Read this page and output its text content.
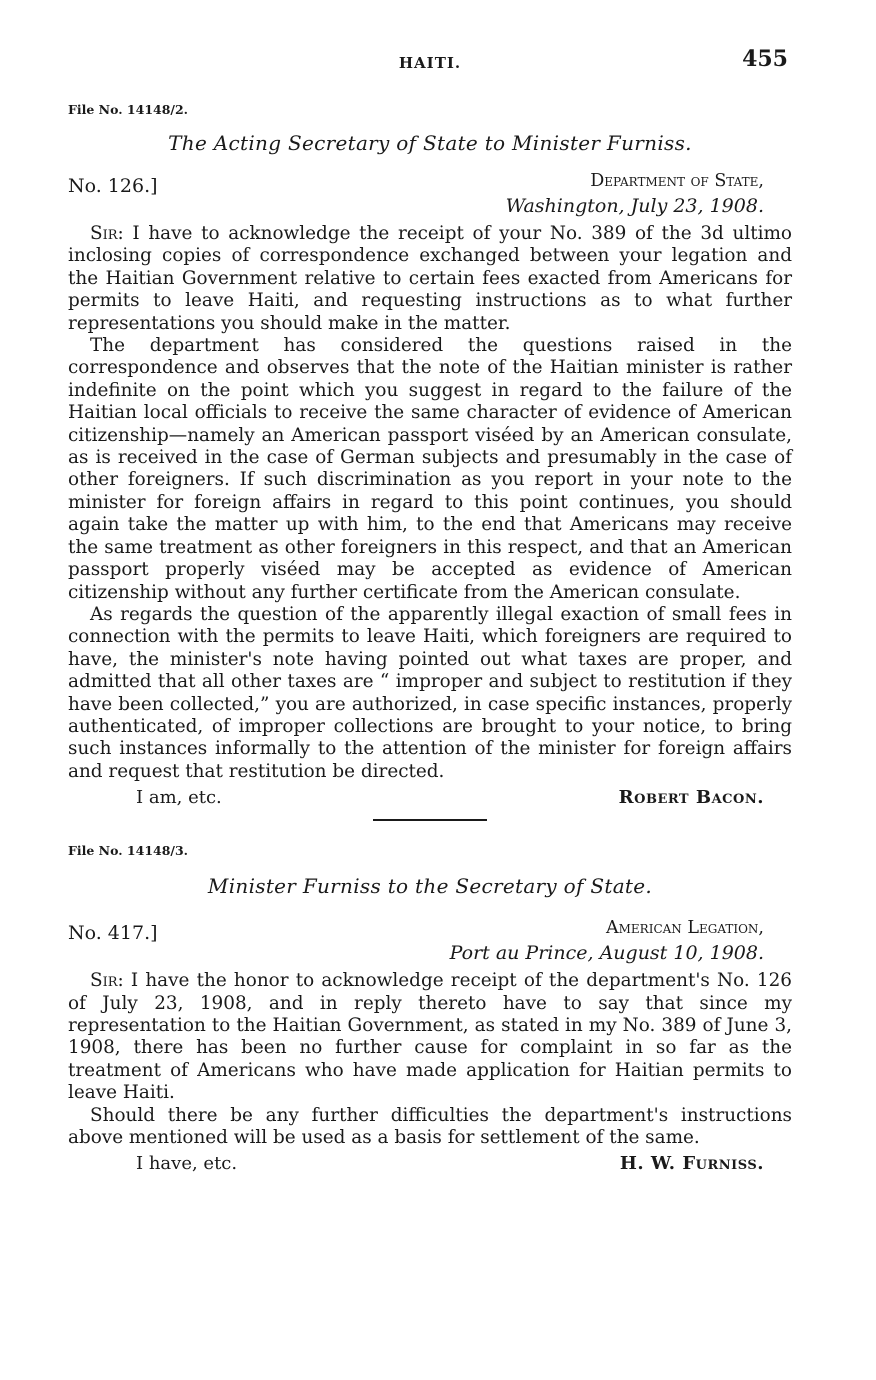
HAITI.	455
File No. 14148/2.
The Acting Secretary of State to Minister Furniss.
No. 126.]	Department of State,
Washington, July 23, 1908.

Sir: I have to acknowledge the receipt of your No. 389 of the 3d ultimo inclosing copies of correspondence exchanged between your legation and the Haitian Government relative to certain fees exacted from Americans for permits to leave Haiti, and requesting instructions as to what further representations you should make in the matter.

The department has considered the questions raised in the correspondence and observes that the note of the Haitian minister is rather indefinite on the point which you suggest in regard to the failure of the Haitian local officials to receive the same character of evidence of American citizenship—namely an American passport viséed by an American consulate, as is received in the case of German subjects and presumably in the case of other foreigners. If such discrimination as you report in your note to the minister for foreign affairs in regard to this point continues, you should again take the matter up with him, to the end that Americans may receive the same treatment as other foreigners in this respect, and that an American passport properly viséed may be accepted as evidence of American citizenship without any further certificate from the American consulate.

As regards the question of the apparently illegal exaction of small fees in connection with the permits to leave Haiti, which foreigners are required to have, the minister's note having pointed out what taxes are proper, and admitted that all other taxes are “ improper and subject to restitution if they have been collected,” you are authorized, in case specific instances, properly authenticated, of improper collections are brought to your notice, to bring such instances informally to the attention of the minister for foreign affairs and request that restitution be directed.

I am, etc.	Robert Bacon.
File No. 14148/3.
Minister Furniss to the Secretary of State.
No. 417.]	American Legation,
Port au Prince, August 10, 1908.

Sir: I have the honor to acknowledge receipt of the department's No. 126 of July 23, 1908, and in reply thereto have to say that since my representation to the Haitian Government, as stated in my No. 389 of June 3, 1908, there has been no further cause for complaint in so far as the treatment of Americans who have made application for Haitian permits to leave Haiti.

Should there be any further difficulties the department's instructions above mentioned will be used as a basis for settlement of the same.

I have, etc.	H. W. Furniss.
